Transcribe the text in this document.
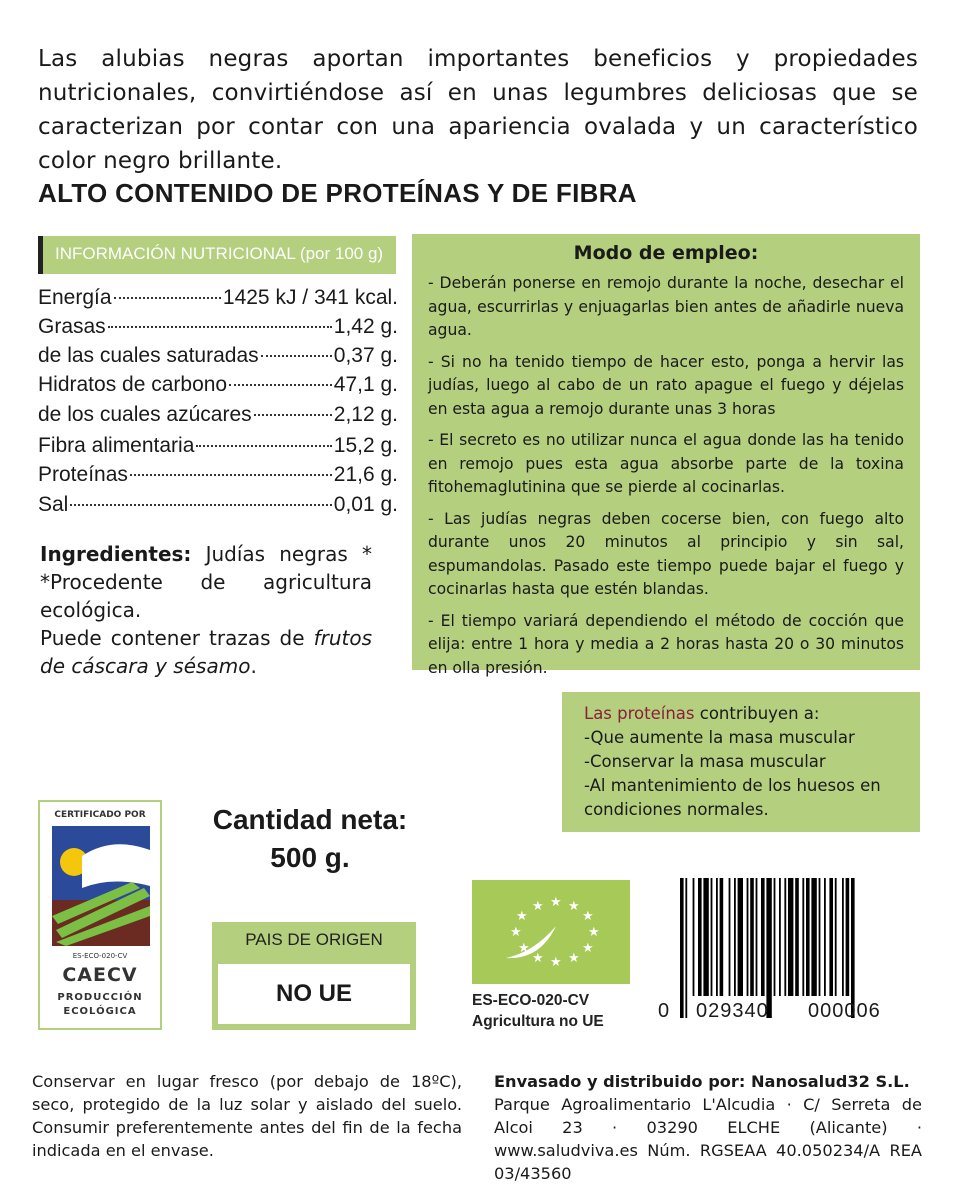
Las alubias negras aportan importantes beneficios y propiedades nutricionales, convirtiéndose así en unas legumbres deliciosas que se caracterizan por contar con una apariencia ovalada y un característico color negro brillante.
ALTO CONTENIDO DE PROTEÍNAS Y DE FIBRA
INFORMACIÓN NUTRICIONAL (por 100 g)
Energía	1425 kJ / 341 kcal.
Grasas	1,42 g.
de las cuales saturadas	0,37 g.
Hidratos de carbono	47,1 g.
de los cuales azúcares	2,12 g.
Fibra alimentaria	15,2 g.
Proteínas	21,6 g.
Sal	0,01 g.
Ingredientes: Judías negras * *Procedente de agricultura ecológica.
Puede contener trazas de frutos de cáscara y sésamo.
Modo de empleo:

- Deberán ponerse en remojo durante la noche, desechar el agua, escurrirlas y enjuagarlas bien antes de añadirle nueva agua.

- Si no ha tenido tiempo de hacer esto, ponga a hervir las judías, luego al cabo de un rato apague el fuego y déjelas en esta agua a remojo durante unas 3 horas

- El secreto es no utilizar nunca el agua donde las ha tenido en remojo pues esta agua absorbe parte de la toxina fitohemaglutinina que se pierde al cocinarlas.

- Las judías negras deben cocerse bien, con fuego alto durante unos 20 minutos al principio y sin sal, espumandolas. Pasado este tiempo puede bajar el fuego y cocinarlas hasta que estén blandas.

- El tiempo variará dependiendo el método de cocción que elija: entre 1 hora y media a 2 horas hasta 20 o 30 minutos en olla presión.

Las proteínas contribuyen a:
-Que aumente la masa muscular
-Conservar la masa muscular
-Al mantenimiento de los huesos en condiciones normales.
CERTIFICADO POR
ES-ECO-020-CV
CAECV
PRODUCCIÓN
ECOLÓGICA
Cantidad neta:
500 g.
PAIS DE ORIGEN
NO UE
★
★ ★ ★
★
★
★
★
★
★
★
★
ES-ECO-020-CV
Agricultura no UE	0 029340 000006
Conservar en lugar fresco (por debajo de 18ºC), seco, protegido de la luz solar y aislado del suelo. Consumir preferentemente antes del fin de la fecha indicada en el envase.
Envasado y distribuido por: Nanosalud32 S.L.
Parque Agroalimentario L'Alcudia · C/ Serreta de Alcoi 23 · 03290 ELCHE (Alicante) · www.saludviva.es Núm. RGSEAA 40.050234/A REA 03/43560
